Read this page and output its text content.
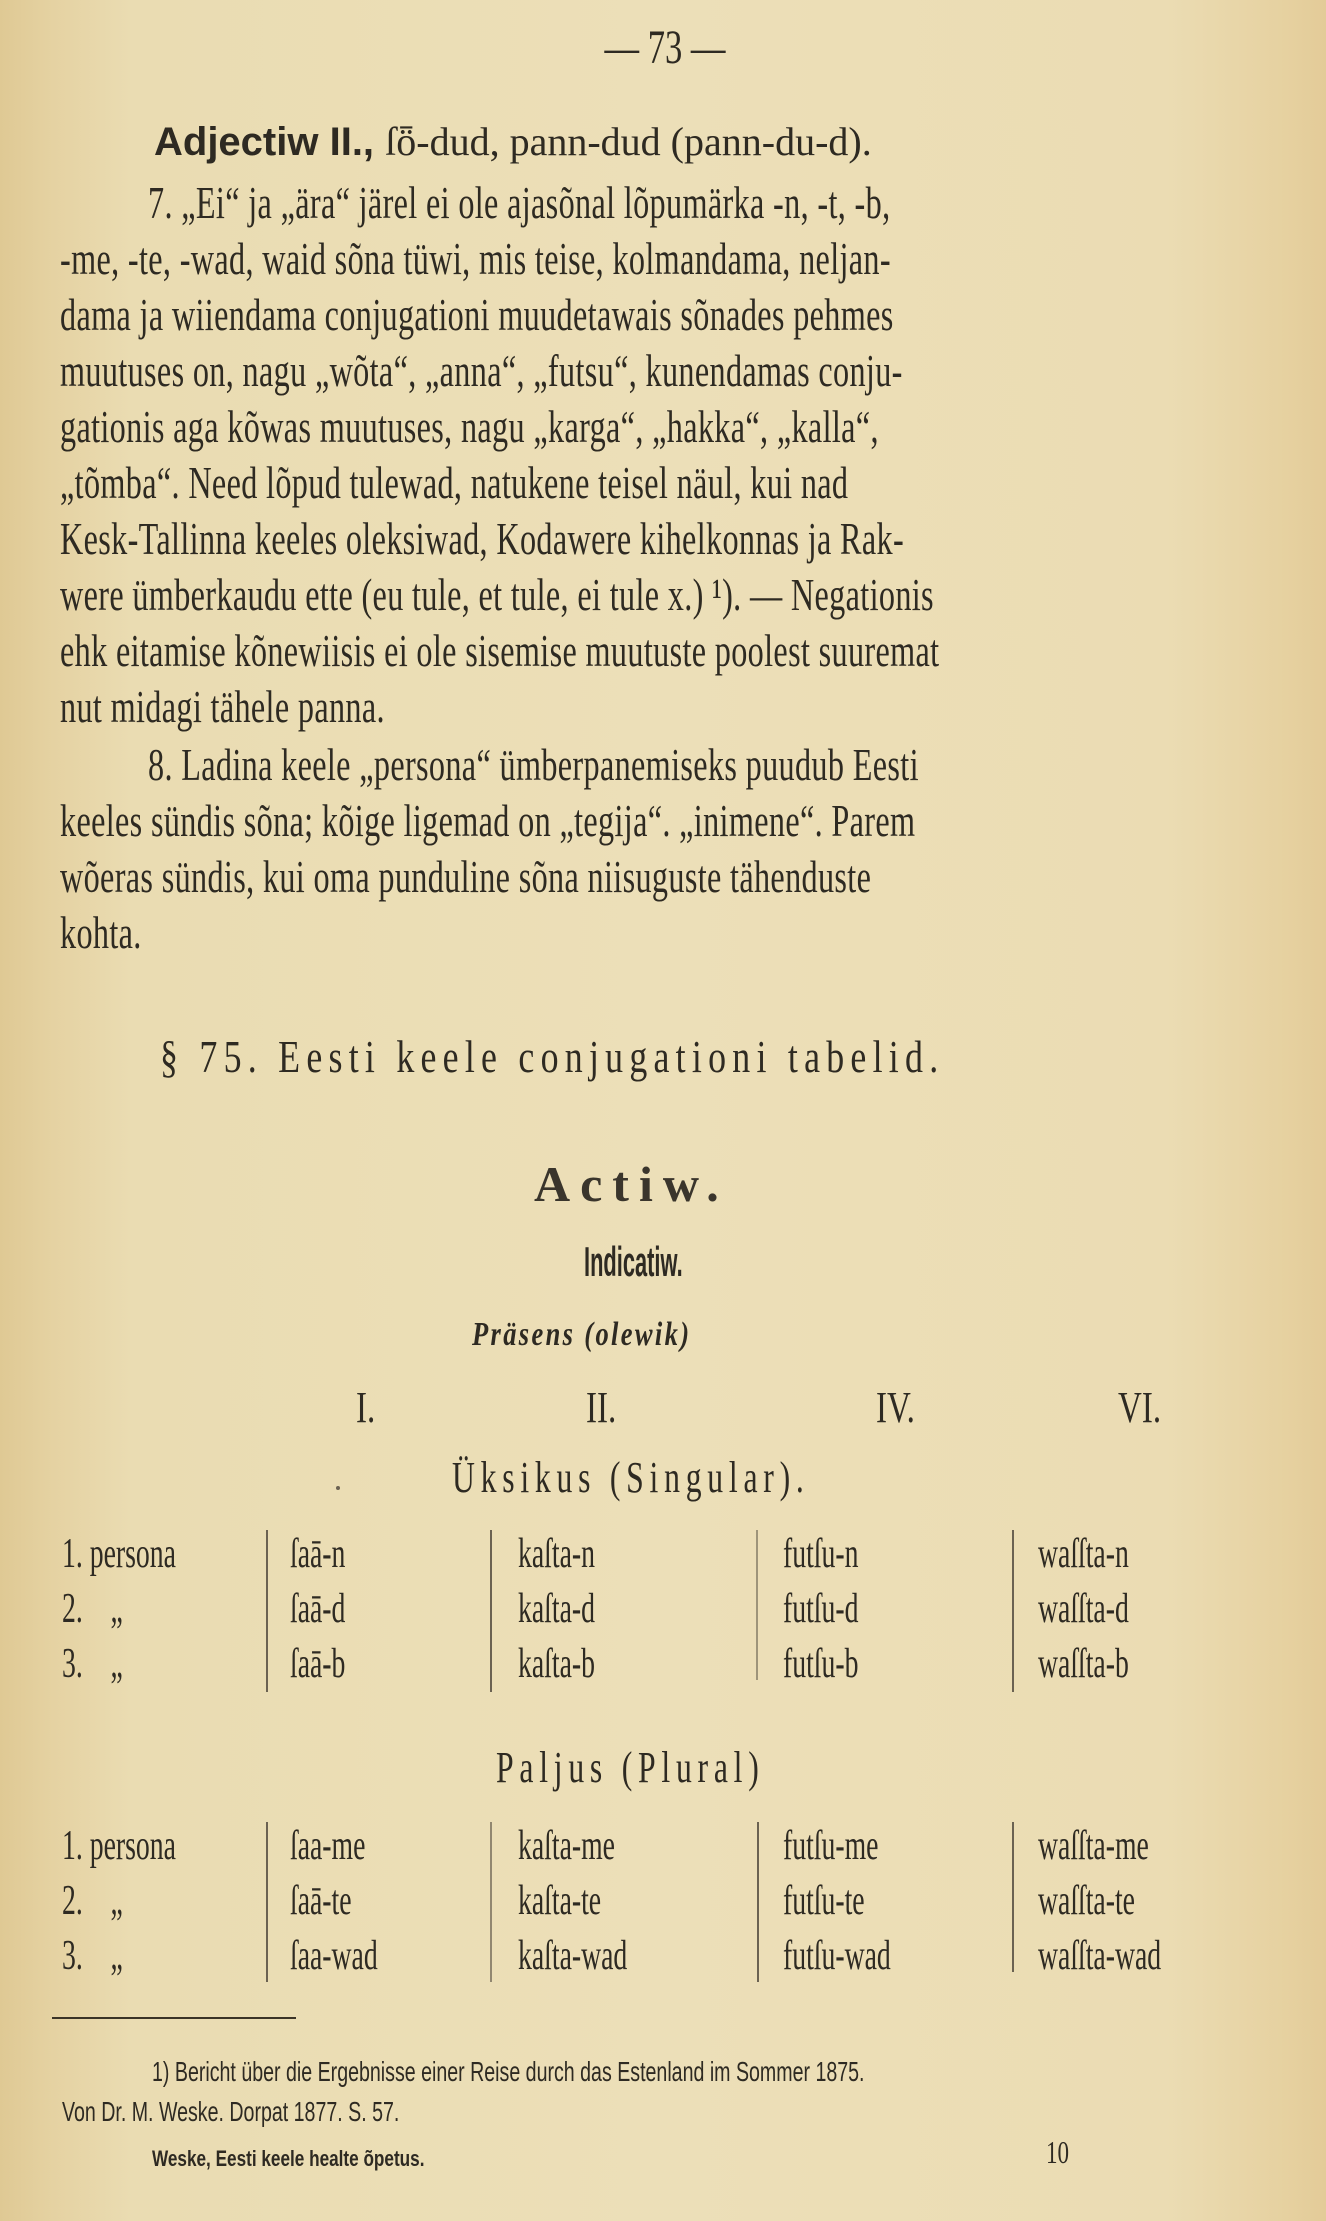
— 73 —
Adjectiw II., ſȫ-dud, pann-dud (pann-du-d).
7. „Ei“ ja „ära“ järel ei ole ajasõnal lõpumärka -n, -t, -b,
-me, -te, -wad, waid sõna tüwi, mis teise, kolmandama, neljan-
dama ja wiiendama conjugationi muudetawais sõnades pehmes
muutuses on, nagu „wõta“, „anna“, „futsu“, kunendamas conju-
gationis aga kõwas muutuses, nagu „karga“, „hakka“, „kalla“,
„tõmba“. Need lõpud tulewad, natukene teisel näul, kui nad
Kesk-Tallinna keeles oleksiwad, Kodawere kihelkonnas ja Rak-
were ümberkaudu ette (eu tule, et tule, ei tule x.) ¹). — Negationis
ehk eitamise kõnewiisis ei ole sisemise muutuste poolest suuremat
nut midagi tähele panna.
8. Ladina keele „persona“ ümberpanemiseks puudub Eesti
keeles sündis sõna; kõige ligemad on „tegija“. „inimene“. Parem
wõeras sündis, kui oma punduline sõna niisuguste tähenduste
kohta.
§ 75. Eesti keele conjugationi tabelid.
Actiw.
Indicatiw.
Präsens (olewik)
I.	II.	IV.	VI.
Üksikus (Singular).
1. persona	ſaā-n	kaſta-n	futſu-n	waſſta-n
2.    „	ſaā-d	kaſta-d	futſu-d	waſſta-d
3.    „	ſaā-b	kaſta-b	futſu-b	waſſta-b
Paljus (Plural)
1. persona	ſaa-me	kaſta-me	futſu-me	waſſta-me
2.    „	ſaā-te	kaſta-te	futſu-te	waſſta-te
3.    „	ſaa-wad	kaſta-wad	futſu-wad	waſſta-wad
1) Bericht über die Ergebnisse einer Reise durch das Estenland im Sommer 1875.
Von Dr. M. Weske. Dorpat 1877. S. 57.
Weske, Eesti keele healte õpetus.	10
